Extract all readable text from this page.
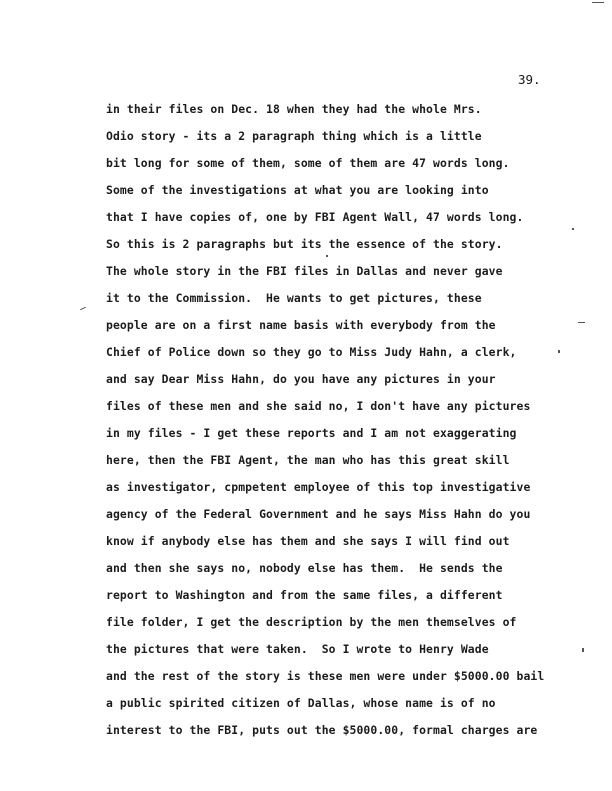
39.
in their files on Dec. 18 when they had the whole Mrs.
Odio story - its a 2 paragraph thing which is a little
bit long for some of them, some of them are 47 words long.
Some of the investigations at what you are looking into
that I have copies of, one by FBI Agent Wall, 47 words long.
So this is 2 paragraphs but its the essence of the story.
The whole story in the FBI files in Dallas and never gave
it to the Commission.  He wants to get pictures, these
people are on a first name basis with everybody from the
Chief of Police down so they go to Miss Judy Hahn, a clerk,
and say Dear Miss Hahn, do you have any pictures in your
files of these men and she said no, I don't have any pictures
in my files - I get these reports and I am not exaggerating
here, then the FBI Agent, the man who has this great skill
as investigator, cpmpetent employee of this top investigative
agency of the Federal Government and he says Miss Hahn do you
know if anybody else has them and she says I will find out
and then she says no, nobody else has them.  He sends the
report to Washington and from the same files, a different
file folder, I get the description by the men themselves of
the pictures that were taken.  So I wrote to Henry Wade
and the rest of the story is these men were under $5000.00 bail
a public spirited citizen of Dallas, whose name is of no
interest to the FBI, puts out the $5000.00, formal charges are
